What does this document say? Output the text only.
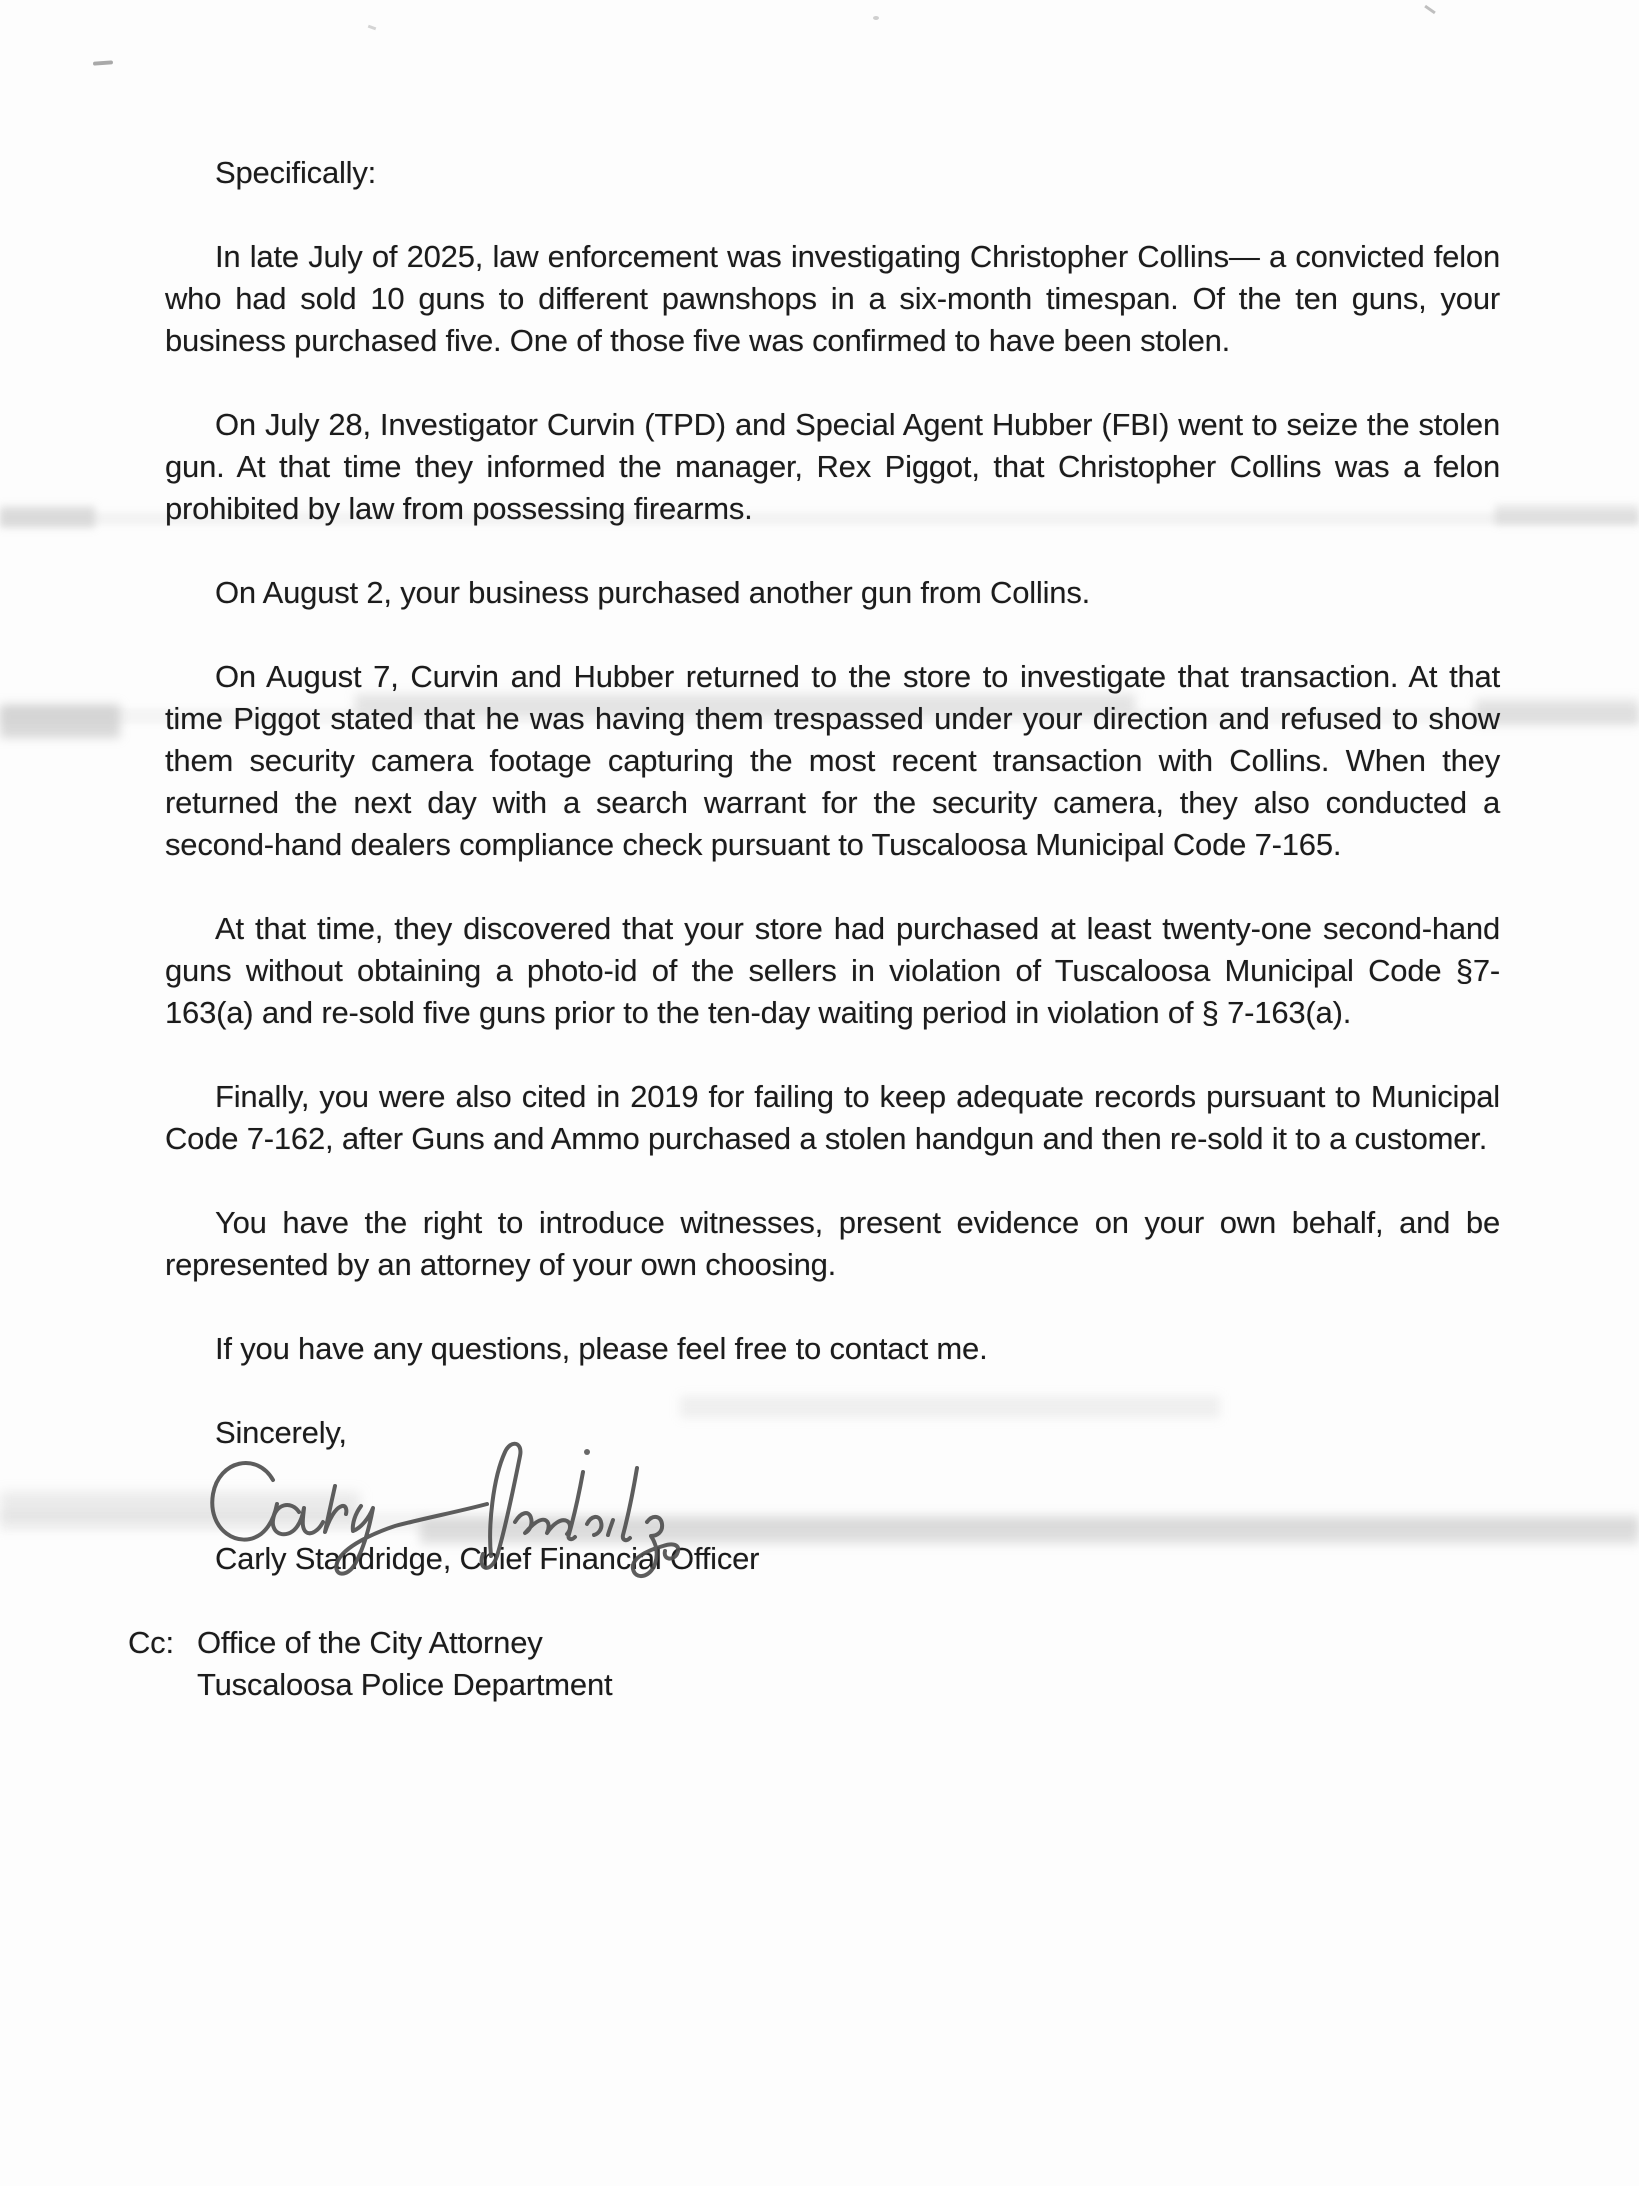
Specifically:

In late July of 2025, law enforcement was investigating Christopher Collins— a convicted felon who had sold 10 guns to different pawnshops in a six-month timespan. Of the ten guns, your business purchased five. One of those five was confirmed to have been stolen.

On July 28, Investigator Curvin (TPD) and Special Agent Hubber (FBI) went to seize the stolen gun. At that time they informed the manager, Rex Piggot, that Christopher Collins was a felon prohibited by law from possessing firearms.

On August 2, your business purchased another gun from Collins.

On August 7, Curvin and Hubber returned to the store to investigate that transaction. At that time Piggot stated that he was having them trespassed under your direction and refused to show them security camera footage capturing the most recent transaction with Collins. When they returned the next day with a search warrant for the security camera, they also conducted a second-hand dealers compliance check pursuant to Tuscaloosa Municipal Code 7-165.

At that time, they discovered that your store had purchased at least twenty-one second-hand guns without obtaining a photo-id of the sellers in violation of Tuscaloosa Municipal Code §7-163(a) and re-sold five guns prior to the ten-day waiting period in violation of § 7-163(a).

Finally, you were also cited in 2019 for failing to keep adequate records pursuant to Municipal Code 7-162, after Guns and Ammo purchased a stolen handgun and then re-sold it to a customer.

You have the right to introduce witnesses, present evidence on your own behalf, and be represented by an attorney of your own choosing.

If you have any questions, please feel free to contact me.

Sincerely,

Carly Standridge, Chief Financial Officer

Cc: Office of the City Attorney
Tuscaloosa Police Department
